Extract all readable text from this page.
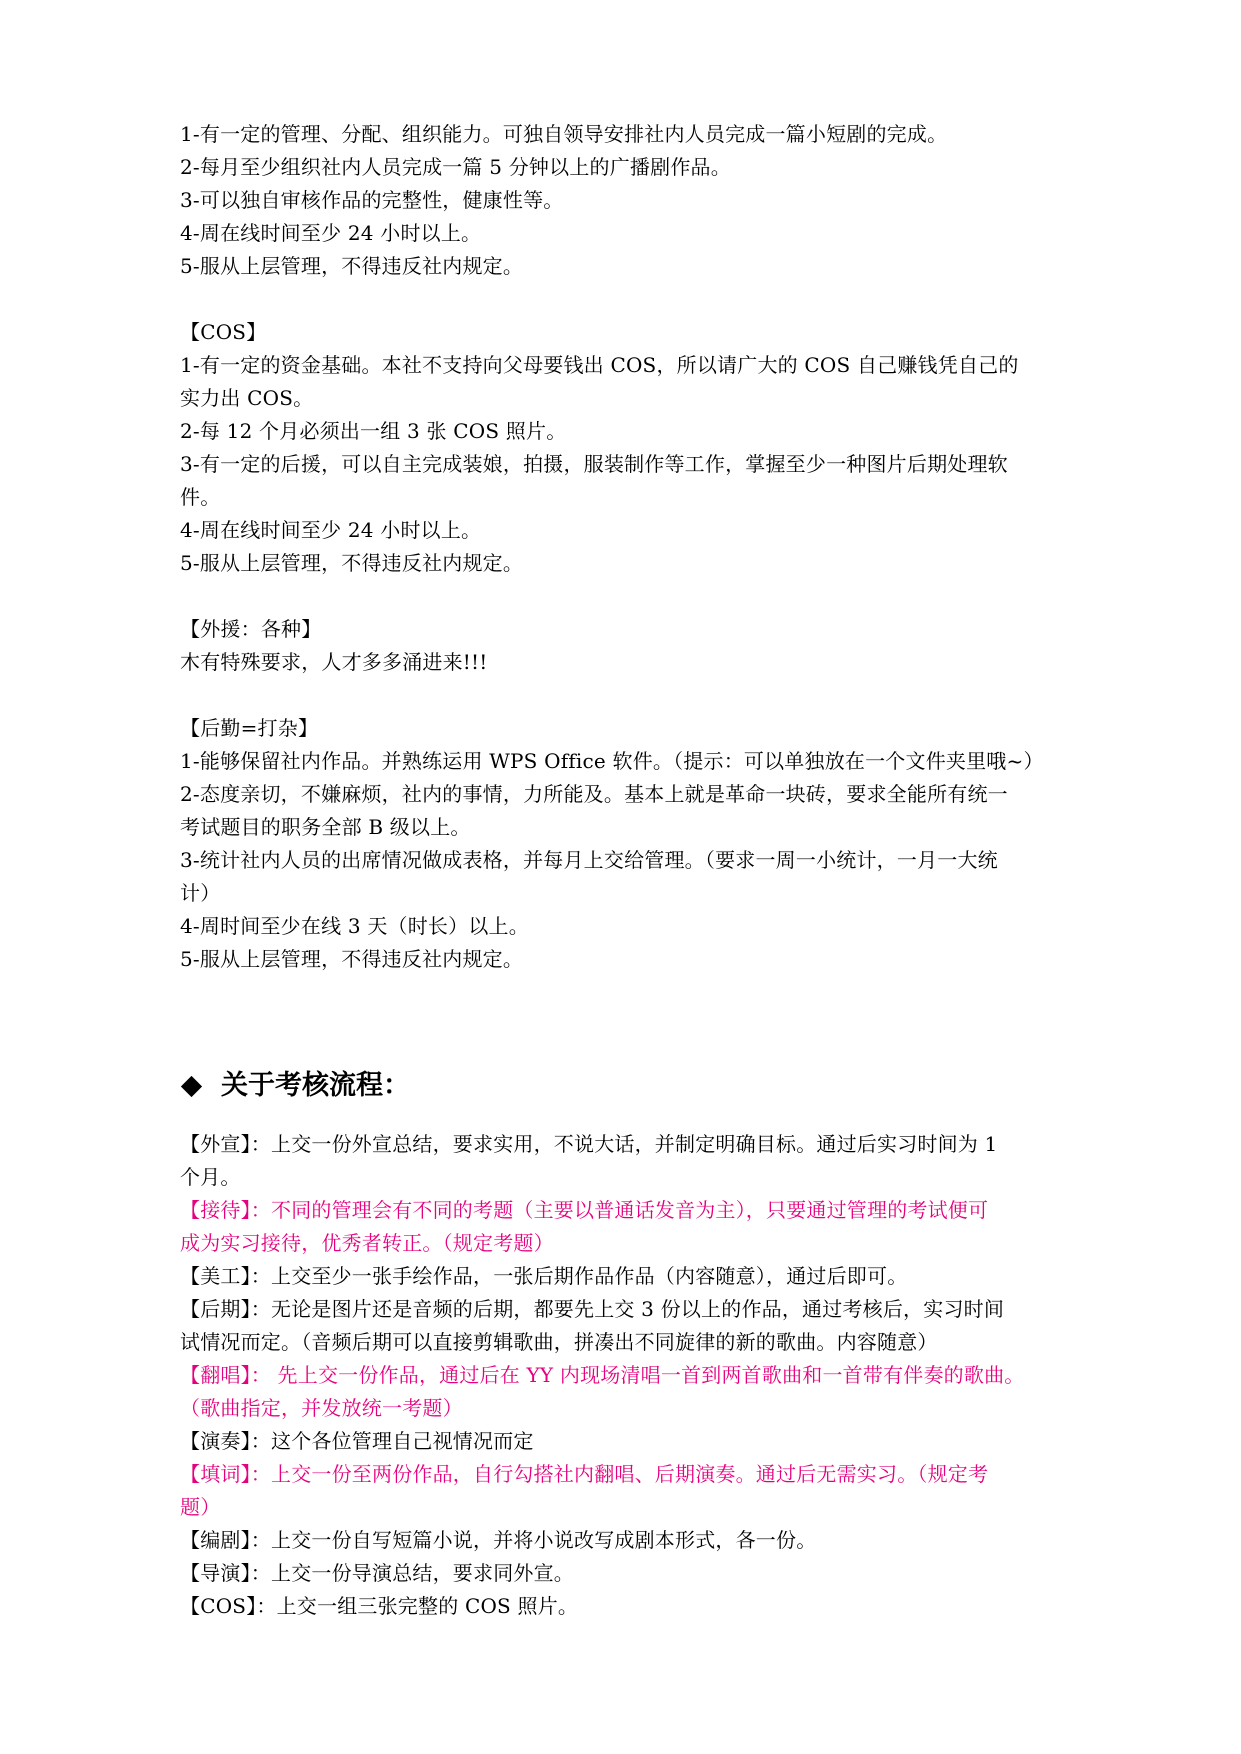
1-有一定的管理、分配、组织能力。可独自领导安排社内人员完成一篇小短剧的完成。
2-每月至少组织社内人员完成一篇 5 分钟以上的广播剧作品。
3-可以独自审核作品的完整性，健康性等。
4-周在线时间至少 24 小时以上。
5-服从上层管理，不得违反社内规定。
【COS】
1-有一定的资金基础。本社不支持向父母要钱出 COS，所以请广大的 COS 自己赚钱凭自己的
实力出 COS。
2-每 12 个月必须出一组 3 张 COS 照片。
3-有一定的后援，可以自主完成装娘，拍摄，服装制作等工作，掌握至少一种图片后期处理软
件。
4-周在线时间至少 24 小时以上。
5-服从上层管理，不得违反社内规定。
【外援：各种】
木有特殊要求，人才多多涌进来!!!
【后勤=打杂】
1-能够保留社内作品。并熟练运用 WPS Office 软件。（提示：可以单独放在一个文件夹里哦~）
2-态度亲切，不嫌麻烦，社内的事情，力所能及。基本上就是革命一块砖，要求全能所有统一
考试题目的职务全部 B 级以上。
3-统计社内人员的出席情况做成表格，并每月上交给管理。（要求一周一小统计，一月一大统
计）
4-周时间至少在线 3 天（时长）以上。
5-服从上层管理，不得违反社内规定。
关于考核流程：
【外宣】：上交一份外宣总结，要求实用，不说大话，并制定明确目标。通过后实习时间为 1
个月。
【接待】：不同的管理会有不同的考题（主要以普通话发音为主），只要通过管理的考试便可
成为实习接待，优秀者转正。（规定考题）
【美工】：上交至少一张手绘作品，一张后期作品作品（内容随意），通过后即可。
【后期】：无论是图片还是音频的后期，都要先上交 3 份以上的作品，通过考核后，实习时间
试情况而定。（音频后期可以直接剪辑歌曲，拼凑出不同旋律的新的歌曲。内容随意）
【翻唱】： 先上交一份作品，通过后在 YY 内现场清唱一首到两首歌曲和一首带有伴奏的歌曲。
（歌曲指定，并发放统一考题）
【演奏】：这个各位管理自己视情况而定
【填词】：上交一份至两份作品，自行勾搭社内翻唱、后期演奏。通过后无需实习。（规定考
题）
【编剧】：上交一份自写短篇小说，并将小说改写成剧本形式，各一份。
【导演】：上交一份导演总结，要求同外宣。
【COS】：上交一组三张完整的 COS 照片。
